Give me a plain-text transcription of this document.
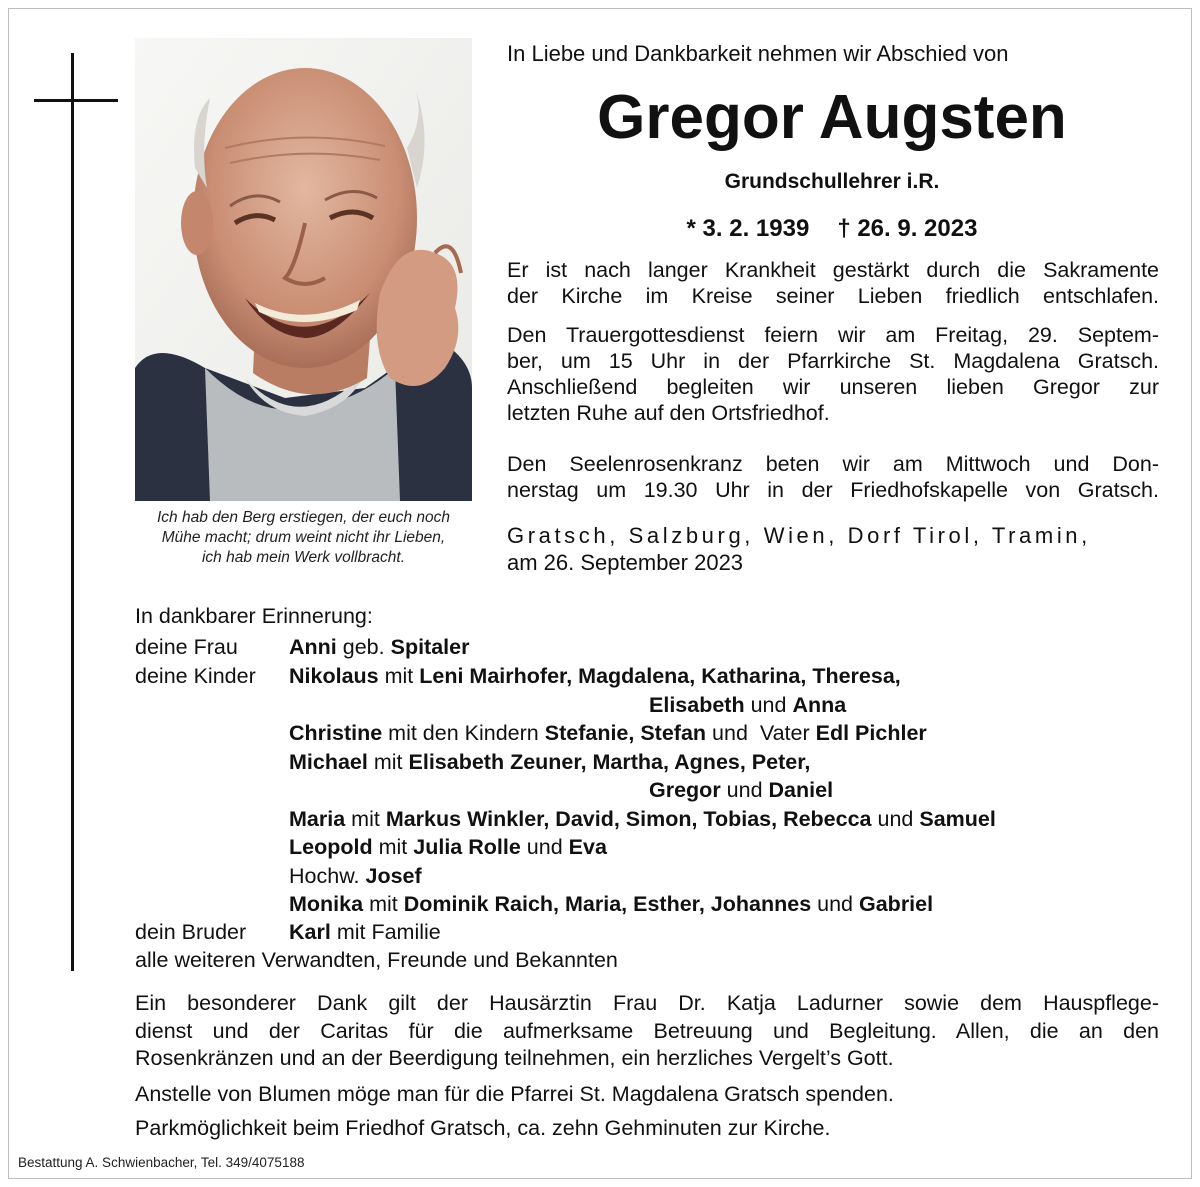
Ich hab den Berg erstiegen, der euch noch
Mühe macht; drum weint nicht ihr Lieben,
ich hab mein Werk vollbracht.
In Liebe und Dankbarkeit nehmen wir Abschied von
Gregor Augsten
Grundschullehrer i.R.
* 3. 2. 1939 † 26. 9. 2023
Er ist nach langer Krankheit gestärkt durch die Sakramente
der Kirche im Kreise seiner Lieben friedlich entschlafen.
Den Trauergottesdienst feiern wir am Freitag, 29. Septem-
ber, um 15 Uhr in der Pfarrkirche St. Magdalena Gratsch.
Anschließend begleiten wir unseren lieben Gregor zur
letzten Ruhe auf den Ortsfriedhof.
Den Seelenrosenkranz beten wir am Mittwoch und Don-
nerstag um 19.30 Uhr in der Friedhofskapelle von Gratsch.
Gratsch, Salzburg, Wien, Dorf Tirol, Tramin,
am 26. September 2023
In dankbarer Erinnerung:
deine Frau Anni geb. Spitaler
deine Kinder Nikolaus mit Leni Mairhofer, Magdalena, Katharina, Theresa,
Elisabeth und Anna
Christine mit den Kindern Stefanie, Stefan und Vater Edl Pichler
Michael mit Elisabeth Zeuner, Martha, Agnes, Peter,
Gregor und Daniel
Maria mit Markus Winkler, David, Simon, Tobias, Rebecca und Samuel
Leopold mit Julia Rolle und Eva
Hochw. Josef
Monika mit Dominik Raich, Maria, Esther, Johannes und Gabriel
dein Bruder Karl mit Familie
alle weiteren Verwandten, Freunde und Bekannten
Ein besonderer Dank gilt der Hausärztin Frau Dr. Katja Ladurner sowie dem Hauspflege-
dienst und der Caritas für die aufmerksame Betreuung und Begleitung. Allen, die an den
Rosenkränzen und an der Beerdigung teilnehmen, ein herzliches Vergelt’s Gott.
Anstelle von Blumen möge man für die Pfarrei St. Magdalena Gratsch spenden.
Parkmöglichkeit beim Friedhof Gratsch, ca. zehn Gehminuten zur Kirche.
Bestattung A. Schwienbacher, Tel. 349/4075188
